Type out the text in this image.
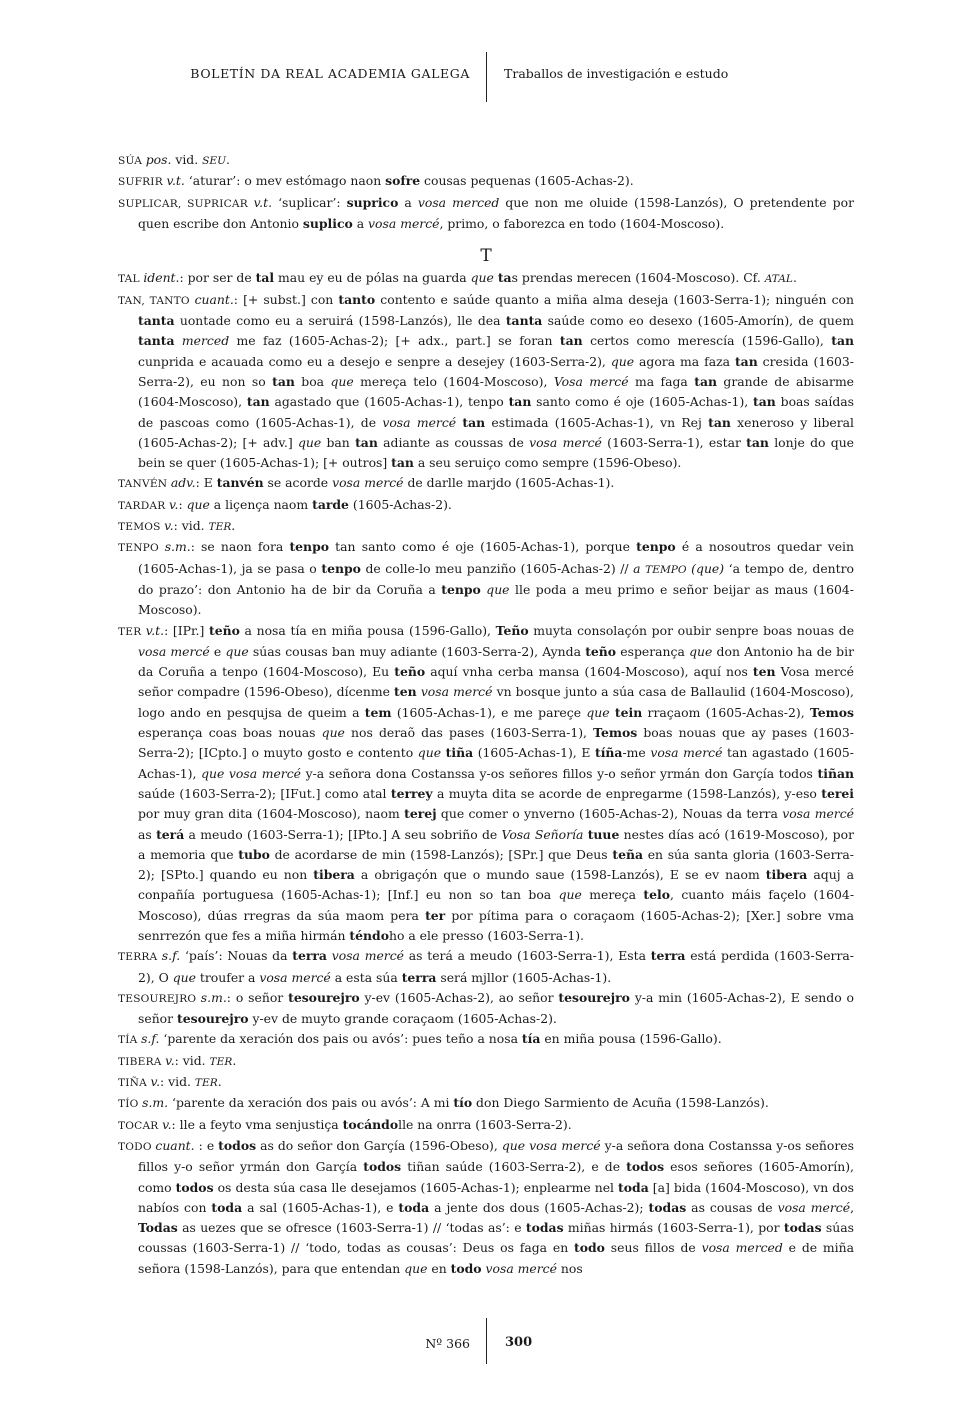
BOLETÍN DA REAL ACADEMIA GALEGA	Traballos de investigación e estudo

SÚA pos. vid. SEU.

SUFRIR v.t. ‘aturar’: o mev estómago naon sofre cousas pequenas (1605-Achas-2).

SUPLICAR, SUPRICAR v.t. ‘suplicar’: suprico a vosa merced que non me oluide (1598-Lanzós), O pretendente por quen escribe don Antonio suplico a vosa mercé, primo, o faborezca en todo (1604-Moscoso).

T

TAL ident.: por ser de tal mau ey eu de pólas na guarda que tas prendas merecen (1604-Moscoso). Cf. ATAL.

TAN, TANTO cuant.: [+ subst.] con tanto contento e saúde quanto a miña alma deseja (1603-Serra-1); ninguén con tanta uontade como eu a seruirá (1598-Lanzós), lle dea tanta saúde como eo desexo (1605-Amorín), de quem tanta merced me faz (1605-Achas-2); [+ adx., part.] se foran tan certos como merescía (1596-Gallo), tan cunprida e acauada como eu a desejo e senpre a desejey (1603-Serra-2), que agora ma faza tan cresida (1603-Serra-2), eu non so tan boa que mereça telo (1604-Moscoso), Vosa mercé ma faga tan grande de abisarme (1604-Moscoso), tan agastado que (1605-Achas-1), tenpo tan santo como é oje (1605-Achas-1), tan boas saídas de pascoas como (1605-Achas-1), de vosa mercé tan estimada (1605-Achas-1), vn Rej tan xeneroso y liberal (1605-Achas-2); [+ adv.] que ban tan adiante as coussas de vosa mercé (1603-Serra-1), estar tan lonje do que bein se quer (1605-Achas-1); [+ outros] tan a seu seruiço como sempre (1596-Obeso).

TANVÉN adv.: E tanvén se acorde vosa mercé de darlle marjdo (1605-Achas-1).

TARDAR v.: que a liçença naom tarde (1605-Achas-2).

TEMOS v.: vid. TER.

TENPO s.m.: se naon fora tenpo tan santo como é oje (1605-Achas-1), porque tenpo é a nosoutros quedar vein (1605-Achas-1), ja se pasa o tenpo de colle-lo meu panziño (1605-Achas-2) // a TEMPO (que) ‘a tempo de, dentro do prazo’: don Antonio ha de bir da Coruña a tenpo que lle poda a meu primo e señor beijar as maus (1604-Moscoso).

TER v.t.: [IPr.] teño a nosa tía en miña pousa (1596-Gallo), Teño muyta consolaçón por oubir senpre boas nouas de vosa mercé e que súas cousas ban muy adiante (1603-Serra-2), Aynda teño esperança que don Antonio ha de bir da Coruña a tenpo (1604-Moscoso), Eu teño aquí vnha cerba mansa (1604-Moscoso), aquí nos ten Vosa mercé señor compadre (1596-Obeso), dícenme ten vosa mercé vn bosque junto a súa casa de Ballaulid (1604-Moscoso), logo ando en pesqujsa de queim a tem (1605-Achas-1), e me pareçe que tein rraçaom (1605-Achas-2), Temos esperança coas boas nouas que nos deraõ das pases (1603-Serra-1), Temos boas nouas que ay pases (1603-Serra-2); [ICpto.] o muyto gosto e contento que tiña (1605-Achas-1), E tíña-me vosa mercé tan agastado (1605-Achas-1), que vosa mercé y-a señora dona Costanssa y-os señores fillos y-o señor yrmán don Garçía todos tiñan saúde (1603-Serra-2); [IFut.] como atal terrey a muyta dita se acorde de enpregarme (1598-Lanzós), y-eso terei por muy gran dita (1604-Moscoso), naom terej que comer o ynverno (1605-Achas-2), Nouas da terra vosa mercé as terá a meudo (1603-Serra-1); [IPto.] A seu sobriño de Vosa Señoría tuue nestes días acó (1619-Moscoso), por a memoria que tubo de acordarse de min (1598-Lanzós); [SPr.] que Deus teña en súa santa gloria (1603-Serra-2); [SPto.] quando eu non tibera a obrigaçón que o mundo saue (1598-Lanzós), E se ev naom tibera aquj a conpañía portuguesa (1605-Achas-1); [Inf.] eu non so tan boa que mereça telo, cuanto máis façelo (1604-Moscoso), dúas rregras da súa maom pera ter por pítima para o coraçaom (1605-Achas-2); [Xer.] sobre vma senrrezón que fes a miña hirmán téndoho a ele presso (1603-Serra-1).

TERRA s.f. ‘país’: Nouas da terra vosa mercé as terá a meudo (1603-Serra-1), Esta terra está perdida (1603-Serra-2), O que troufer a vosa mercé a esta súa terra será mjllor (1605-Achas-1).

TESOUREJRO s.m.: o señor tesourejro y-ev (1605-Achas-2), ao señor tesourejro y-a min (1605-Achas-2), E sendo o señor tesourejro y-ev de muyto grande coraçaom (1605-Achas-2).

TÍA s.f. ‘parente da xeración dos pais ou avós’: pues teño a nosa tía en miña pousa (1596-Gallo).

TIBERA v.: vid. TER.

TIÑA v.: vid. TER.

TÍO s.m. ‘parente da xeración dos pais ou avós’: A mi tío don Diego Sarmiento de Acuña (1598-Lanzós).

TOCAR v.: lle a feyto vma senjustiça tocándolle na onrra (1603-Serra-2).

TODO cuant. : e todos as do señor don Garçía (1596-Obeso), que vosa mercé y-a señora dona Costanssa y-os señores fillos y-o señor yrmán don Garçía todos tiñan saúde (1603-Serra-2), e de todos esos señores (1605-Amorín), como todos os desta súa casa lle desejamos (1605-Achas-1); enplearme nel toda [a] bida (1604-Moscoso), vn dos nabíos con toda a sal (1605-Achas-1), e toda a jente dos dous (1605-Achas-2); todas as cousas de vosa mercé, Todas as uezes que se ofresce (1603-Serra-1) // ‘todas as’: e todas miñas hirmás (1603-Serra-1), por todas súas coussas (1603-Serra-1) // ‘todo, todas as cousas’: Deus os faga en todo seus fillos de vosa merced e de miña señora (1598-Lanzós), para que entendan que en todo vosa mercé nos

Nº 366	300
